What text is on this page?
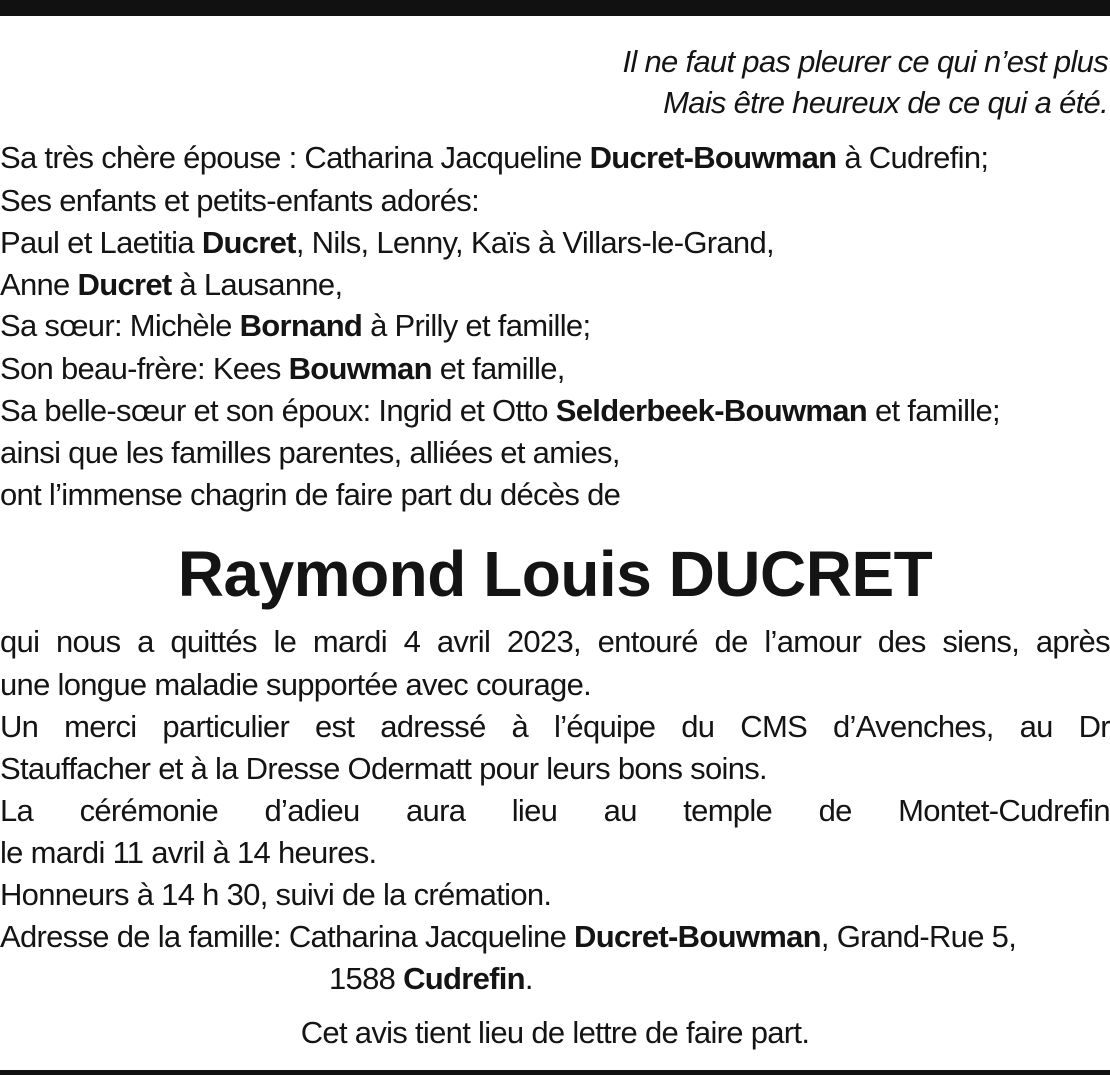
Il ne faut pas pleurer ce qui n’est plus
Mais être heureux de ce qui a été.
Sa très chère épouse : Catharina Jacqueline Ducret-Bouwman à Cudrefin;
Ses enfants et petits-enfants adorés:
Paul et Laetitia Ducret, Nils, Lenny, Kaïs à Villars-le-Grand,
Anne Ducret à Lausanne,
Sa sœur: Michèle Bornand à Prilly et famille;
Son beau-frère: Kees Bouwman et famille,
Sa belle-sœur et son époux: Ingrid et Otto Selderbeek-Bouwman et famille;
ainsi que les familles parentes, alliées et amies,
ont l’immense chagrin de faire part du décès de
Raymond Louis DUCRET
qui nous a quittés le mardi 4 avril 2023, entouré de l’amour des siens, après
une longue maladie supportée avec courage.
Un merci particulier est adressé à l’équipe du CMS d’Avenches, au Dr
Stauffacher et à la Dresse Odermatt pour leurs bons soins.
La cérémonie d’adieu aura lieu au temple de Montet-Cudrefin
le mardi 11 avril à 14 heures.
Honneurs à 14 h 30, suivi de la crémation.
Adresse de la famille: Catharina Jacqueline Ducret-Bouwman, Grand-Rue 5,
1588 Cudrefin.
Cet avis tient lieu de lettre de faire part.
